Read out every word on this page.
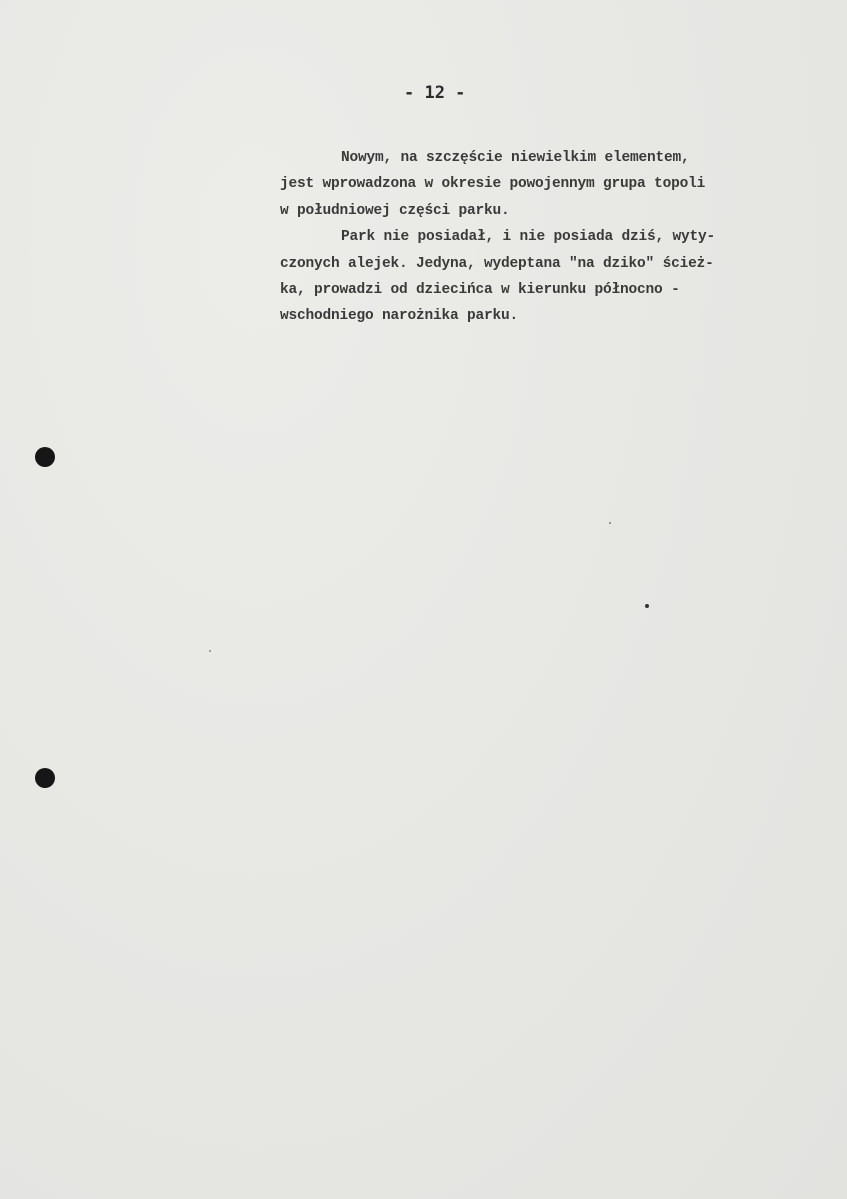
- 12 -
Nowym, na szczęście niewielkim elementem,
jest wprowadzona w okresie powojennym grupa topoli
w południowej części parku.
Park nie posiadał, i nie posiada dziś, wyty-
czonych alejek. Jedyna, wydeptana "na dziko" ścież-
ka, prowadzi od dziecińca w kierunku północno -
wschodniego narożnika parku.
